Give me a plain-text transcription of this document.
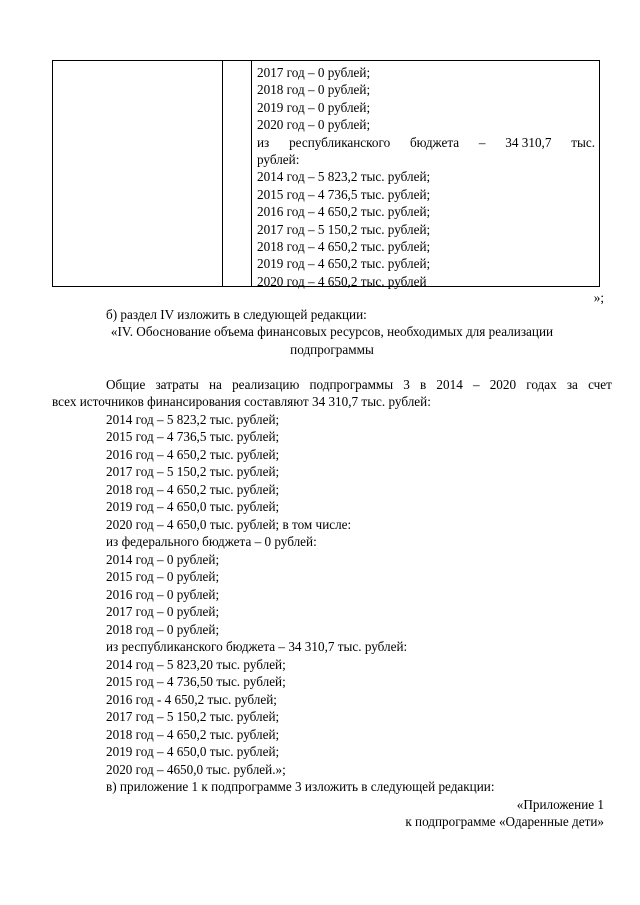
2017 год – 0 рублей;
2018 год – 0 рублей;
2019 год – 0 рублей;
2020 год – 0 рублей;
из республиканского бюджета – 34 310,7 тыс.
рублей:
2014 год – 5 823,2 тыс. рублей;
2015 год – 4 736,5 тыс. рублей;
2016 год – 4 650,2 тыс. рублей;
2017 год – 5 150,2 тыс. рублей;
2018 год – 4 650,2 тыс. рублей;
2019 год – 4 650,2 тыс. рублей;
2020 год – 4 650,2 тыс. рублей
»;
б) раздел IV изложить в следующей редакции:
«IV. Обоснование объема финансовых ресурсов, необходимых для реализации
подпрограммы
Общие затраты на реализацию подпрограммы 3 в 2014 – 2020 годах за счет
всех источников финансирования составляют 34 310,7 тыс. рублей:
2014 год – 5 823,2 тыс. рублей;
2015 год – 4 736,5 тыс. рублей;
2016 год – 4 650,2 тыс. рублей;
2017 год – 5 150,2 тыс. рублей;
2018 год – 4 650,2 тыс. рублей;
2019 год – 4 650,0 тыс. рублей;
2020 год – 4 650,0 тыс. рублей; в том числе:
из федерального бюджета – 0 рублей:
2014 год – 0 рублей;
2015 год – 0 рублей;
2016 год – 0 рублей;
2017 год – 0 рублей;
2018 год – 0 рублей;
из республиканского бюджета – 34 310,7 тыс. рублей:
2014 год – 5 823,20 тыс. рублей;
2015 год – 4 736,50 тыс. рублей;
2016 год - 4 650,2 тыс. рублей;
2017 год – 5 150,2 тыс. рублей;
2018 год – 4 650,2 тыс. рублей;
2019 год – 4 650,0 тыс. рублей;
2020 год – 4650,0 тыс. рублей.»;
в) приложение 1 к подпрограмме 3 изложить в следующей редакции:
«Приложение 1
к подпрограмме «Одаренные дети»
